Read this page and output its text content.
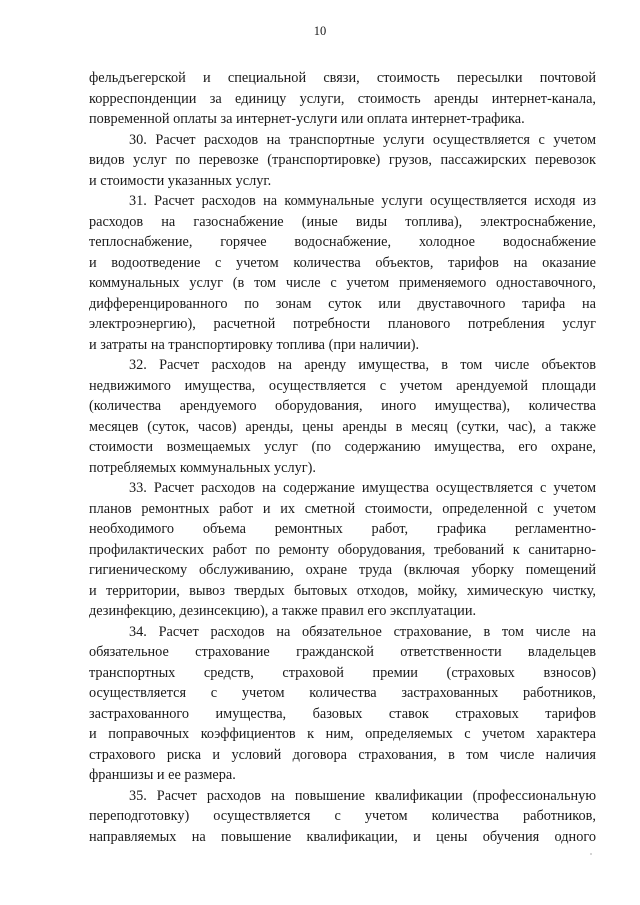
10
фельдъегерской и специальной связи, стоимость пересылки почтовой
корреспонденции за единицу услуги, стоимость аренды интернет-канала,
повременной оплаты за интернет-услуги или оплата интернет-трафика.
30. Расчет расходов на транспортные услуги осуществляется с учетом
видов услуг по перевозке (транспортировке) грузов, пассажирских перевозок
и стоимости указанных услуг.
31. Расчет расходов на коммунальные услуги осуществляется исходя из
расходов на газоснабжение (иные виды топлива), электроснабжение,
теплоснабжение, горячее водоснабжение, холодное водоснабжение
и водоотведение с учетом количества объектов, тарифов на оказание
коммунальных услуг (в том числе с учетом применяемого одноставочного,
дифференцированного по зонам суток или двуставочного тарифа на
электроэнергию), расчетной потребности планового потребления услуг
и затраты на транспортировку топлива (при наличии).
32. Расчет расходов на аренду имущества, в том числе объектов
недвижимого имущества, осуществляется с учетом арендуемой площади
(количества арендуемого оборудования, иного имущества), количества
месяцев (суток, часов) аренды, цены аренды в месяц (сутки, час), а также
стоимости возмещаемых услуг (по содержанию имущества, его охране,
потребляемых коммунальных услуг).
33. Расчет расходов на содержание имущества осуществляется с учетом
планов ремонтных работ и их сметной стоимости, определенной с учетом
необходимого объема ремонтных работ, графика регламентно-
профилактических работ по ремонту оборудования, требований к санитарно-
гигиеническому обслуживанию, охране труда (включая уборку помещений
и территории, вывоз твердых бытовых отходов, мойку, химическую чистку,
дезинфекцию, дезинсекцию), а также правил его эксплуатации.
34. Расчет расходов на обязательное страхование, в том числе на
обязательное страхование гражданской ответственности владельцев
транспортных средств, страховой премии (страховых взносов)
осуществляется с учетом количества застрахованных работников,
застрахованного имущества, базовых ставок страховых тарифов
и поправочных коэффициентов к ним, определяемых с учетом характера
страхового риска и условий договора страхования, в том числе наличия
франшизы и ее размера.
35. Расчет расходов на повышение квалификации (профессиональную
переподготовку) осуществляется с учетом количества работников,
направляемых на повышение квалификации, и цены обучения одного
